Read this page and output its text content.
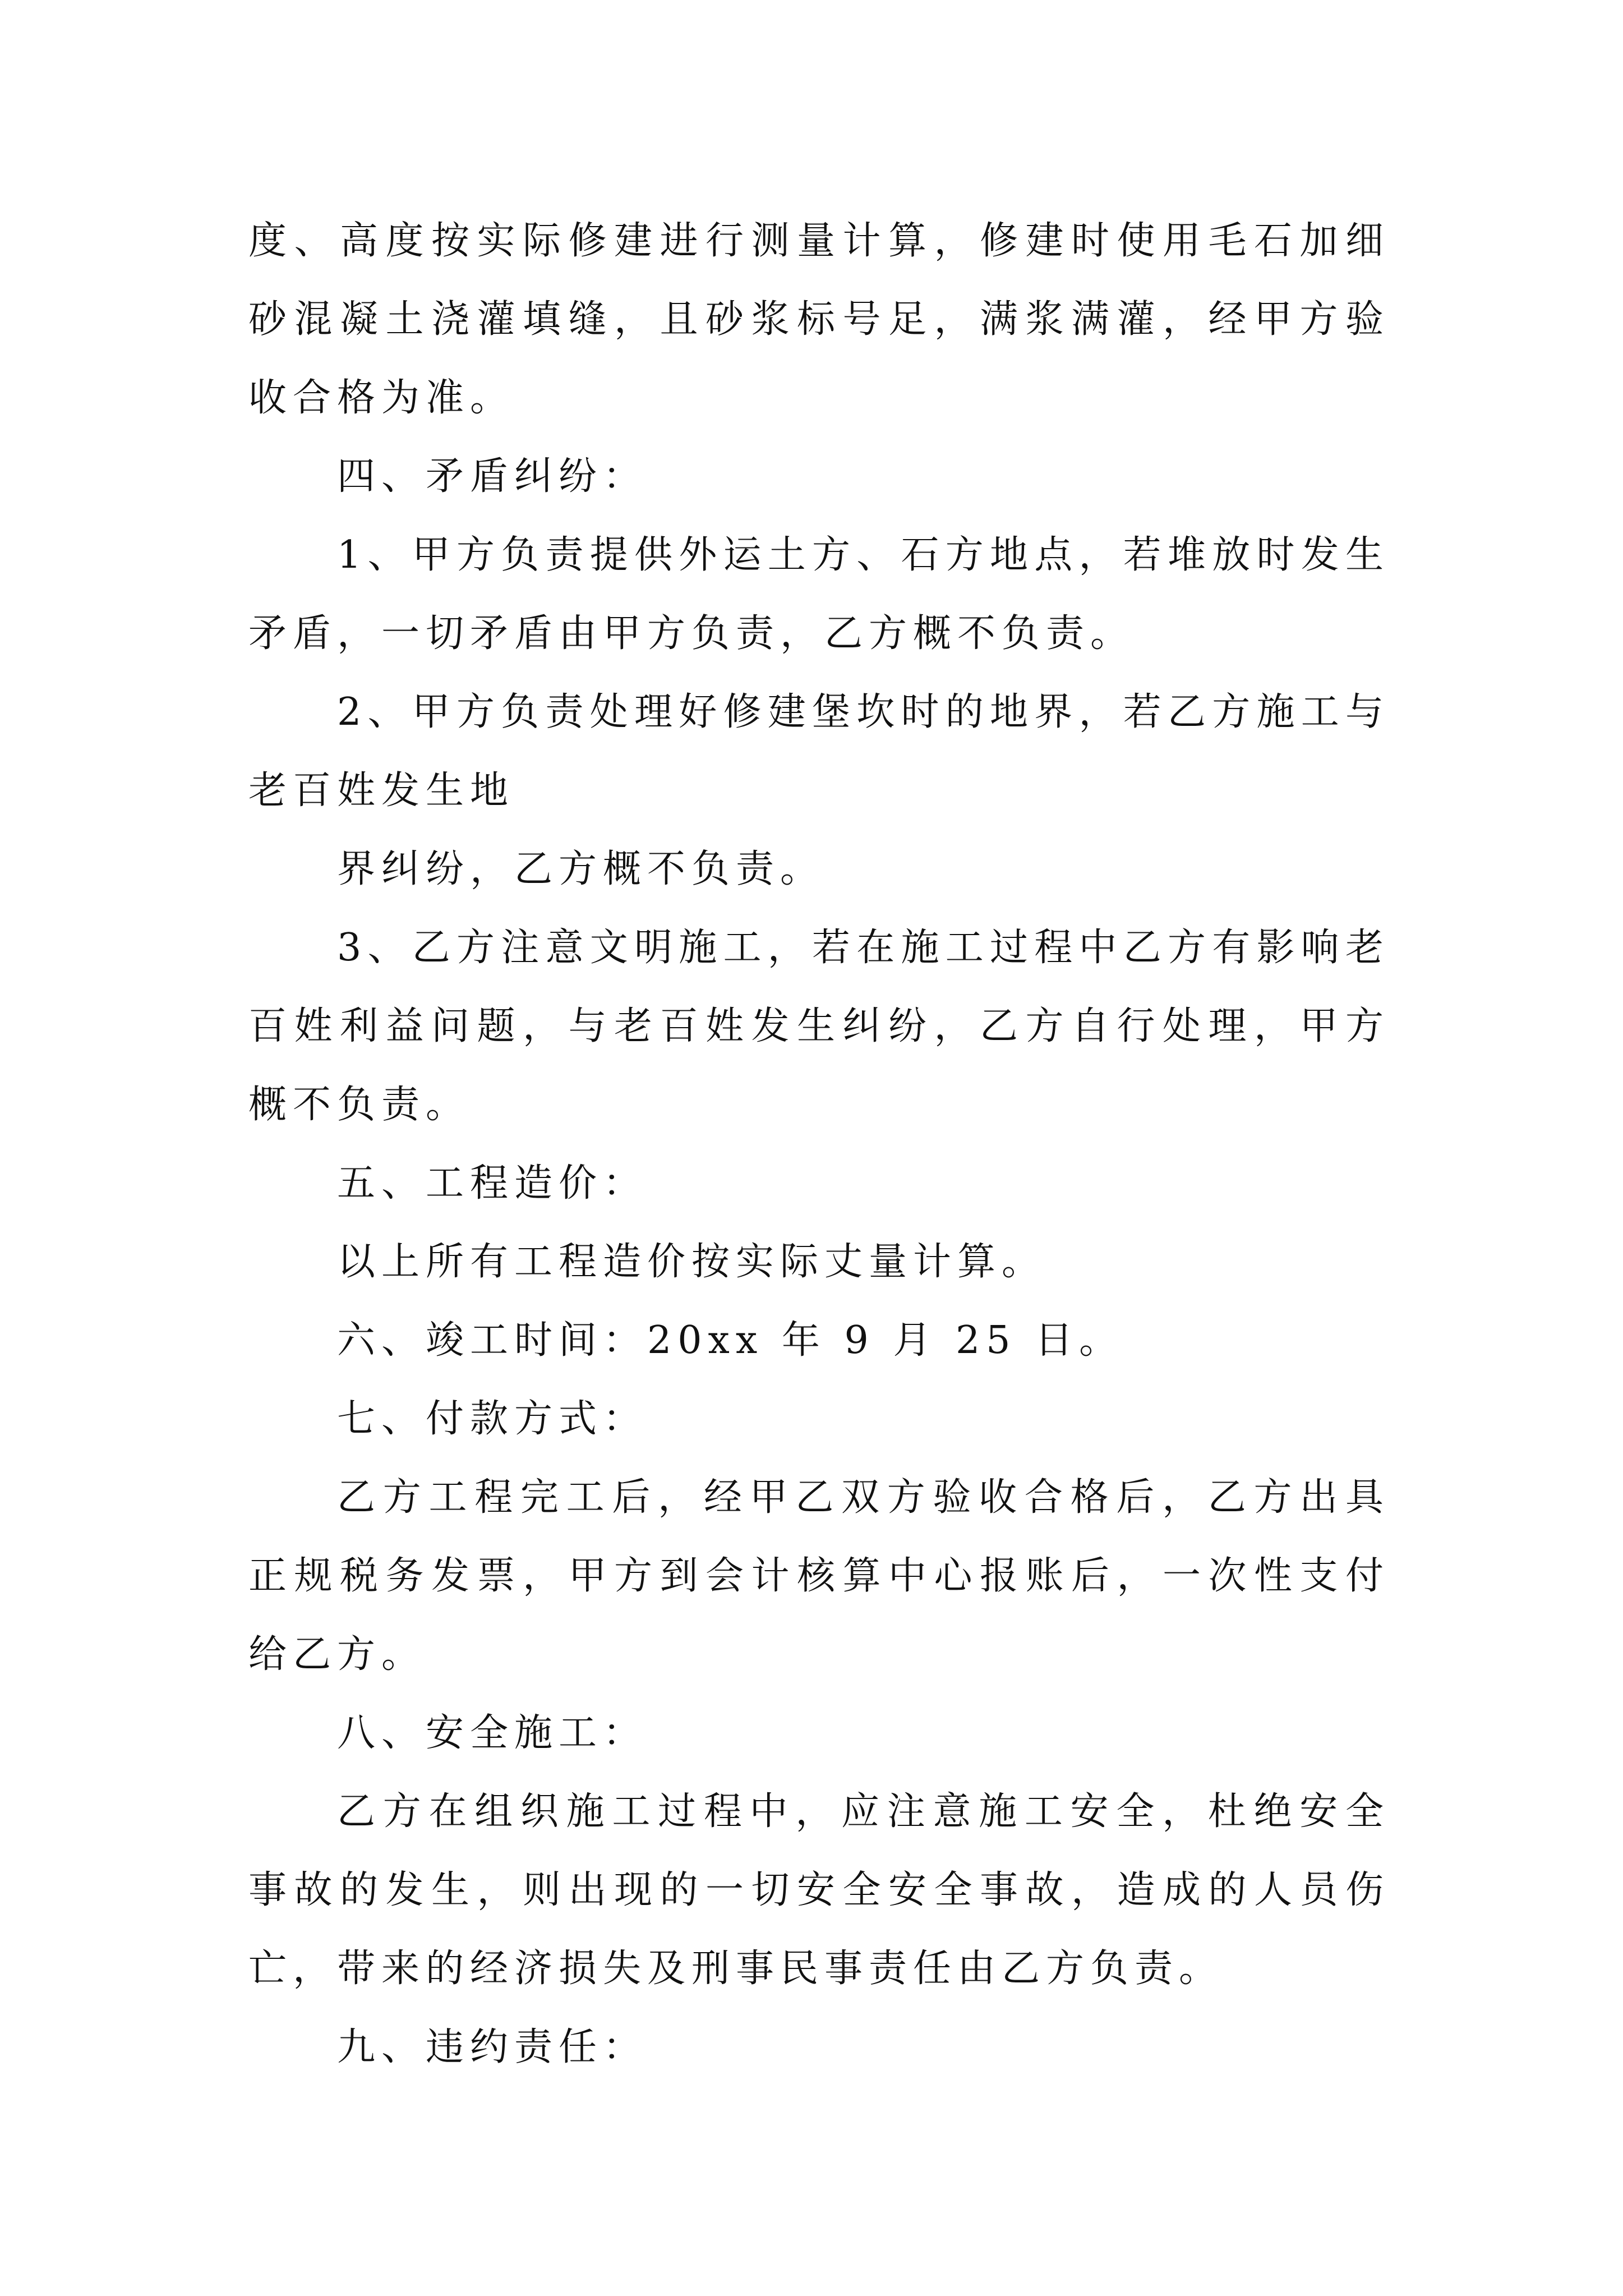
度、高度按实际修建进行测量计算，修建时使用毛石加细砂混凝土浇灌填缝，且砂浆标号足，满浆满灌，经甲方验收合格为准。

四、矛盾纠纷：

1、甲方负责提供外运土方、石方地点，若堆放时发生矛盾，一切矛盾由甲方负责，乙方概不负责。

2、甲方负责处理好修建堡坎时的地界，若乙方施工与老百姓发生地

界纠纷，乙方概不负责。

3、乙方注意文明施工，若在施工过程中乙方有影响老百姓利益问题，与老百姓发生纠纷，乙方自行处理，甲方概不负责。

五、工程造价：

以上所有工程造价按实际丈量计算。

六、竣工时间：20xx 年 9 月 25 日。

七、付款方式：

乙方工程完工后，经甲乙双方验收合格后，乙方出具正规税务发票，甲方到会计核算中心报账后，一次性支付给乙方。

八、安全施工：

乙方在组织施工过程中，应注意施工安全，杜绝安全事故的发生，则出现的一切安全安全事故，造成的人员伤亡，带来的经济损失及刑事民事责任由乙方负责。

九、违约责任：
